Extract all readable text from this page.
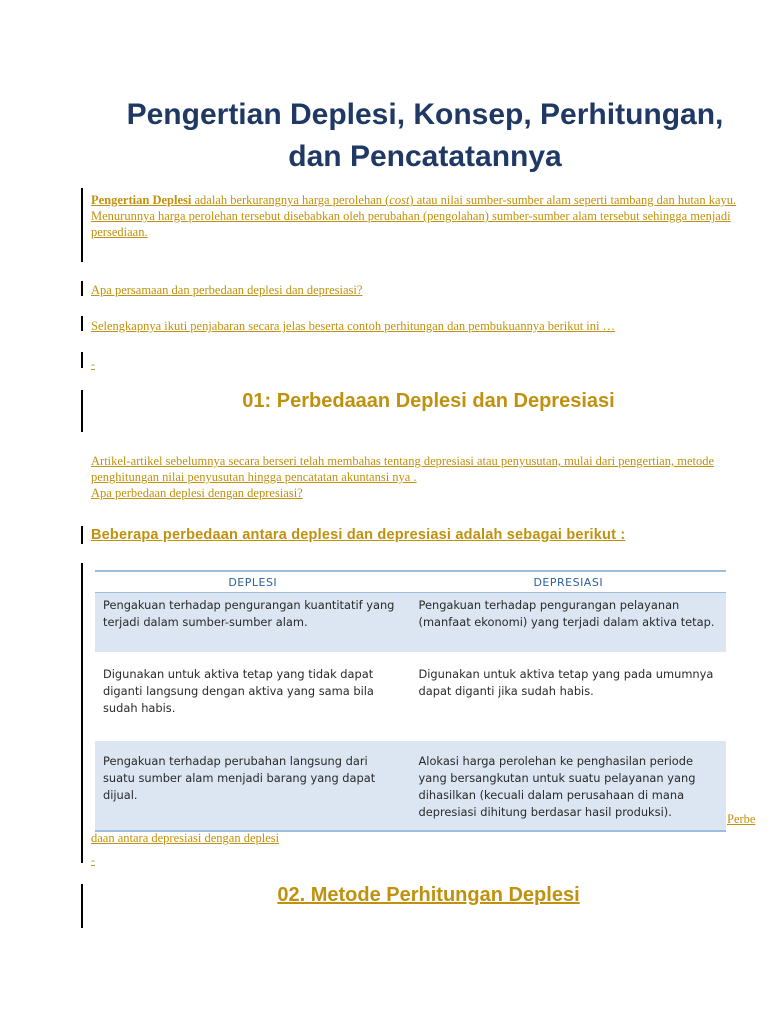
Pengertian Deplesi, Konsep, Perhitungan,
dan Pencatatannya

Pengertian Deplesi adalah berkurangnya harga perolehan (cost) atau nilai sumber-sumber alam seperti tambang dan hutan kayu.
Menurunnya harga perolehan tersebut disebabkan oleh perubahan (pengolahan) sumber-sumber alam tersebut sehingga menjadi persediaan.

Apa persamaan dan perbedaan deplesi dan depresiasi?

Selengkapnya ikuti penjabaran secara jelas beserta contoh perhitungan dan pembukuannya berikut ini …

-
01: Perbedaaan Deplesi dan Depresiasi

Artikel-artikel sebelumnya secara berseri telah membahas tentang depresiasi atau penyusutan, mulai dari pengertian, metode penghitungan nilai penyusutan hingga pencatatan akuntansi nya .
Apa perbedaan deplesi dengan depresiasi?

Beberapa perbedaan antara deplesi dan depresiasi adalah sebagai berikut :

DEPLESI	DEPRESIASI
Pengakuan terhadap pengurangan kuantitatif yang terjadi dalam sumber-sumber alam.	Pengakuan terhadap pengurangan pelayanan (manfaat ekonomi) yang terjadi dalam aktiva tetap.
Digunakan untuk aktiva tetap yang tidak dapat diganti langsung dengan aktiva yang sama bila sudah habis.	Digunakan untuk aktiva tetap yang pada umumnya dapat diganti jika sudah habis.
Pengakuan terhadap perubahan langsung dari suatu sumber alam menjadi barang yang dapat dijual.	Alokasi harga perolehan ke penghasilan periode yang bersangkutan untuk suatu pelayanan yang dihasilkan (kecuali dalam perusahaan di mana depresiasi dihitung berdasar hasil produksi).	Perbe
daan antara depresiasi dengan deplesi
-
02. Metode Perhitungan Deplesi
